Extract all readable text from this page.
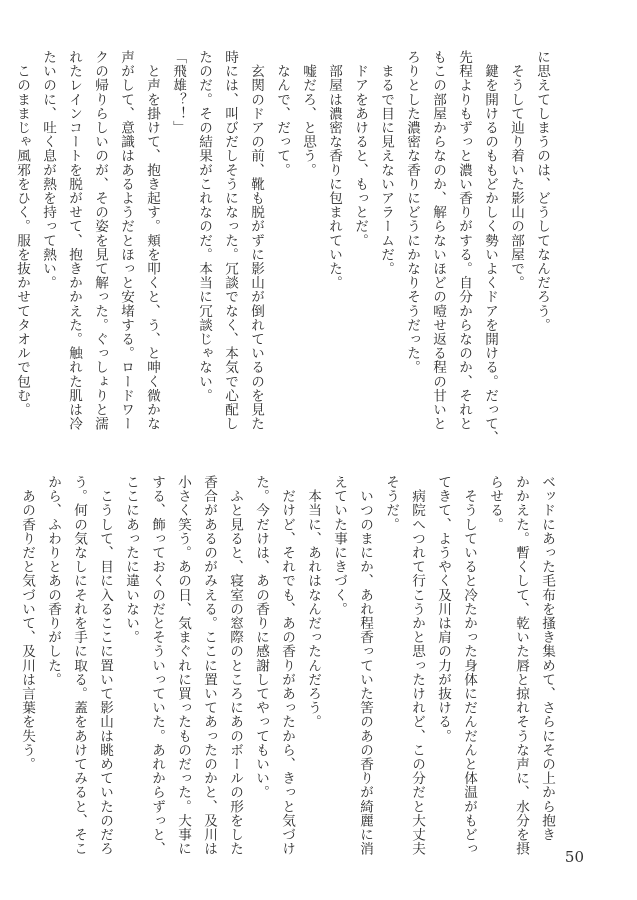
に思えてしまうのは、どうしてなんだろう。
　そうして辿り着いた影山の部屋で。
　鍵を開けるのももどかしく勢いよくドアを開ける。だって、
先程よりもずっと濃い香りがする。自分からなのか、それと
もこの部屋からなのか、解らないほどの噎せ返る程の甘いと
ろりとした濃密な香りにどうにかなりそうだった。
　まるで目に見えないアラームだ。
　ドアをあけると、もっとだ。
　部屋は濃密な香りに包まれていた。
　嘘だろ、と思う。
　なんで、だって。
　玄関のドアの前、靴も脱がずに影山が倒れているのを見た
時には、叫びだしそうになった。冗談でなく、本気で心配し
たのだ。その結果がこれなのだ。本当に冗談じゃない。
「飛雄？！」
　と声を掛けて、抱き起す。頬を叩くと、う、と呻く微かな
声がして、意識はあるようだとほっと安堵する。ロードワー
クの帰りらしいのが、その姿を見て解った。ぐっしょりと濡
れたレインコートを脱がせて、抱きかかえた。触れた肌は冷
たいのに、吐く息が熱を持って熱い。
　このままじゃ風邪をひく。服を抜かせてタオルで包む。
ベッドにあった毛布を搔き集めて、さらにその上から抱き
かかえた。暫くして、乾いた唇と掠れそうな声に、水分を摂
らせる。
　そうしていると冷たかった身体にだんだんと体温がもどっ
てきて、ようやく及川は肩の力が抜ける。
　病院へつれて行こうかと思ったけれど、この分だと大丈夫
そうだ。
　いつのまにか、あれ程香っていた筈のあの香りが綺麗に消
えていた事にきづく。
　本当に、あれはなんだったんだろう。
　だけど、それでも、あの香りがあったから、きっと気づけ
た。今だけは、あの香りに感謝してやってもいい。
　ふと見ると、寝室の窓際のところにあのボールの形をした
香合があるのがみえる。ここに置いてあったのかと、及川は
小さく笑う。あの日、気まぐれに買ったものだった。大事に
する、飾っておくのだとそういっていた。あれからずっと、
ここにあったに違いない。
　こうして、目に入るここに置いて影山は眺めていたのだろ
う。何の気なしにそれを手に取る。蓋をあけてみると、そこ
から、ふわりとあの香りがした。
　あの香りだと気づいて、及川は言葉を失う。
50
